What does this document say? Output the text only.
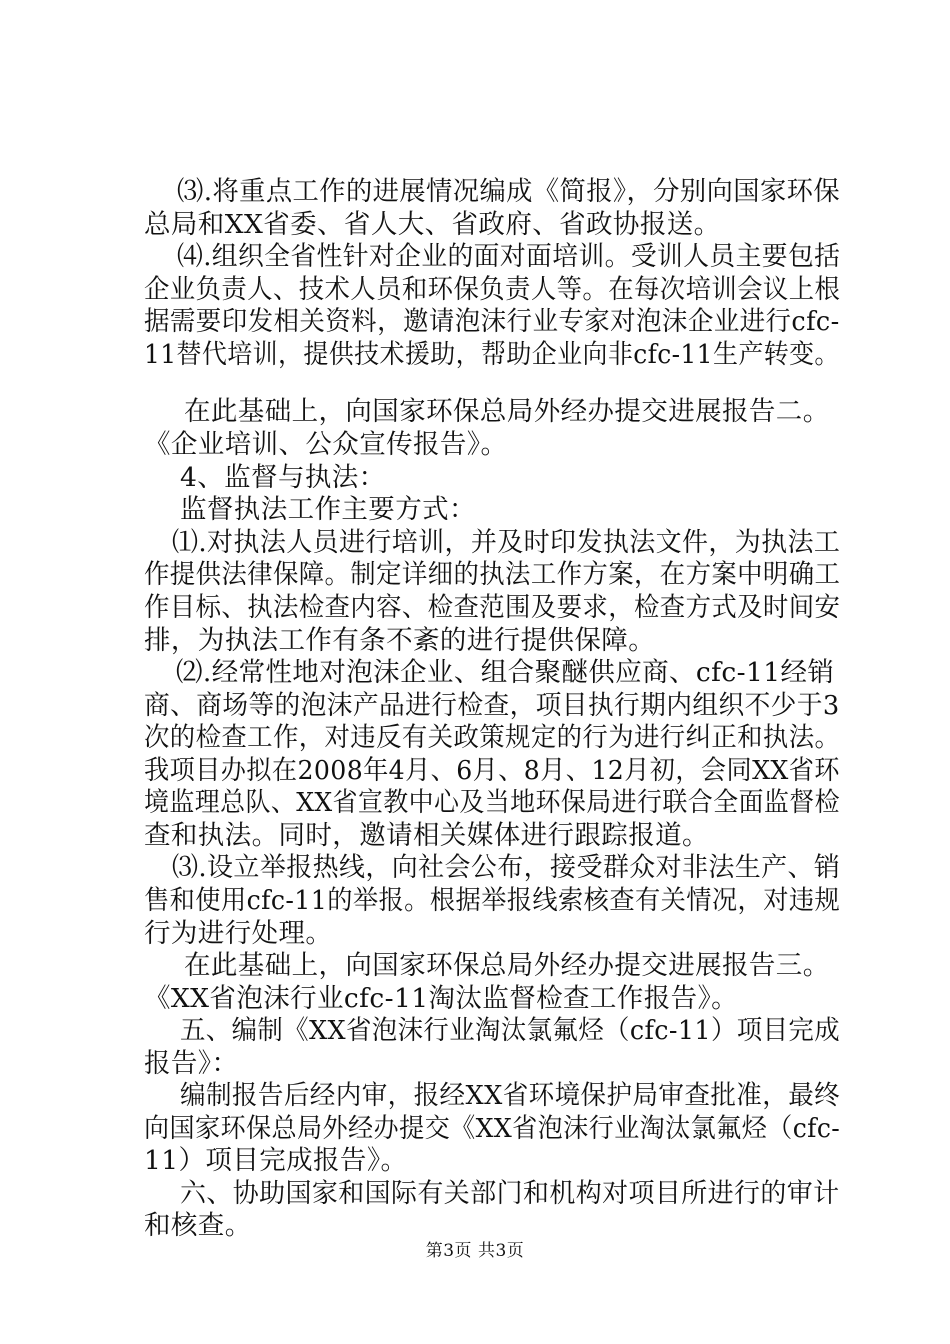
⑶.将重点工作的进展情况编成《简报》，分别向国家环保
总局和XX省委、省人大、省政府、省政协报送。
⑷.组织全省性针对企业的面对面培训。受训人员主要包括
企业负责人、技术人员和环保负责人等。在每次培训会议上根
据需要印发相关资料，邀请泡沫行业专家对泡沫企业进行cfc-
11替代培训，提供技术援助，帮助企业向非cfc-11生产转变。
在此基础上，向国家环保总局外经办提交进展报告二。
《企业培训、公众宣传报告》。
4、监督与执法：
监督执法工作主要方式：
⑴.对执法人员进行培训，并及时印发执法文件，为执法工
作提供法律保障。制定详细的执法工作方案，在方案中明确工
作目标、执法检查内容、检查范围及要求，检查方式及时间安
排，为执法工作有条不紊的进行提供保障。
⑵.经常性地对泡沫企业、组合聚醚供应商、cfc-11经销
商、商场等的泡沫产品进行检查，项目执行期内组织不少于3
次的检查工作，对违反有关政策规定的行为进行纠正和执法。
我项目办拟在2008年4月、6月、8月、12月初，会同XX省环
境监理总队、XX省宣教中心及当地环保局进行联合全面监督检
查和执法。同时，邀请相关媒体进行跟踪报道。
⑶.设立举报热线，向社会公布，接受群众对非法生产、销
售和使用cfc-11的举报。根据举报线索核查有关情况，对违规
行为进行处理。
在此基础上，向国家环保总局外经办提交进展报告三。
《XX省泡沫行业cfc-11淘汰监督检查工作报告》。
五、编制《XX省泡沫行业淘汰氯氟烃（cfc-11）项目完成
报告》：
编制报告后经内审，报经XX省环境保护局审查批准，最终
向国家环保总局外经办提交《XX省泡沫行业淘汰氯氟烃（cfc-
11）项目完成报告》。
六、协助国家和国际有关部门和机构对项目所进行的审计
和核查。
第3页 共3页
